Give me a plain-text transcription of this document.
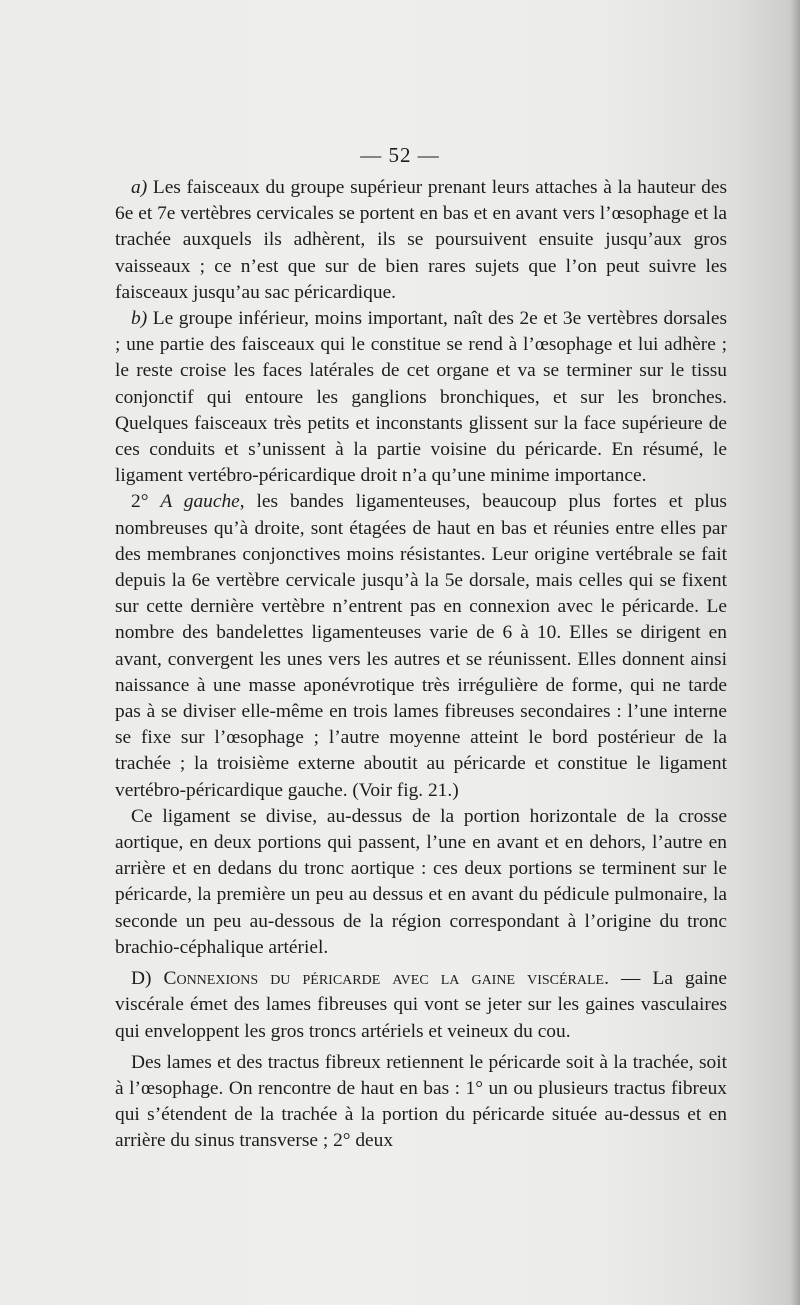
— 52 —

a) Les faisceaux du groupe supérieur prenant leurs attaches à la hauteur des 6e et 7e vertèbres cervicales se portent en bas et en avant vers l’œsophage et la trachée auxquels ils adhèrent, ils se poursuivent ensuite jusqu’aux gros vaisseaux ; ce n’est que sur de bien rares sujets que l’on peut suivre les faisceaux jusqu’au sac péricardique.

b) Le groupe inférieur, moins important, naît des 2e et 3e vertèbres dorsales ; une partie des faisceaux qui le constitue se rend à l’œsophage et lui adhère ; le reste croise les faces latérales de cet organe et va se terminer sur le tissu conjonctif qui entoure les ganglions bronchiques, et sur les bronches. Quelques faisceaux très petits et inconstants glissent sur la face supérieure de ces conduits et s’unissent à la partie voisine du péricarde. En résumé, le ligament vertébro-péricardique droit n’a qu’une minime importance.

2° A gauche, les bandes ligamenteuses, beaucoup plus fortes et plus nombreuses qu’à droite, sont étagées de haut en bas et réunies entre elles par des membranes conjonctives moins résistantes. Leur origine vertébrale se fait depuis la 6e vertèbre cervicale jusqu’à la 5e dorsale, mais celles qui se fixent sur cette dernière vertèbre n’entrent pas en connexion avec le péricarde. Le nombre des bandelettes ligamenteuses varie de 6 à 10. Elles se dirigent en avant, convergent les unes vers les autres et se réunissent. Elles donnent ainsi naissance à une masse aponévrotique très irrégulière de forme, qui ne tarde pas à se diviser elle-même en trois lames fibreuses secondaires : l’une interne se fixe sur l’œsophage ; l’autre moyenne atteint le bord postérieur de la trachée ; la troisième externe aboutit au péricarde et constitue le ligament vertébro-péricardique gauche. (Voir fig. 21.)

Ce ligament se divise, au-dessus de la portion horizontale de la crosse aortique, en deux portions qui passent, l’une en avant et en dehors, l’autre en arrière et en dedans du tronc aortique : ces deux portions se terminent sur le péricarde, la première un peu au dessus et en avant du pédicule pulmonaire, la seconde un peu au-dessous de la région correspondant à l’origine du tronc brachio-céphalique artériel.

D) Connexions du péricarde avec la gaine viscérale. — La gaine viscérale émet des lames fibreuses qui vont se jeter sur les gaines vasculaires qui enveloppent les gros troncs artériels et veineux du cou.

Des lames et des tractus fibreux retiennent le péricarde soit à la trachée, soit à l’œsophage. On rencontre de haut en bas : 1° un ou plusieurs tractus fibreux qui s’étendent de la trachée à la portion du péricarde située au-dessus et en arrière du sinus transverse ; 2° deux
